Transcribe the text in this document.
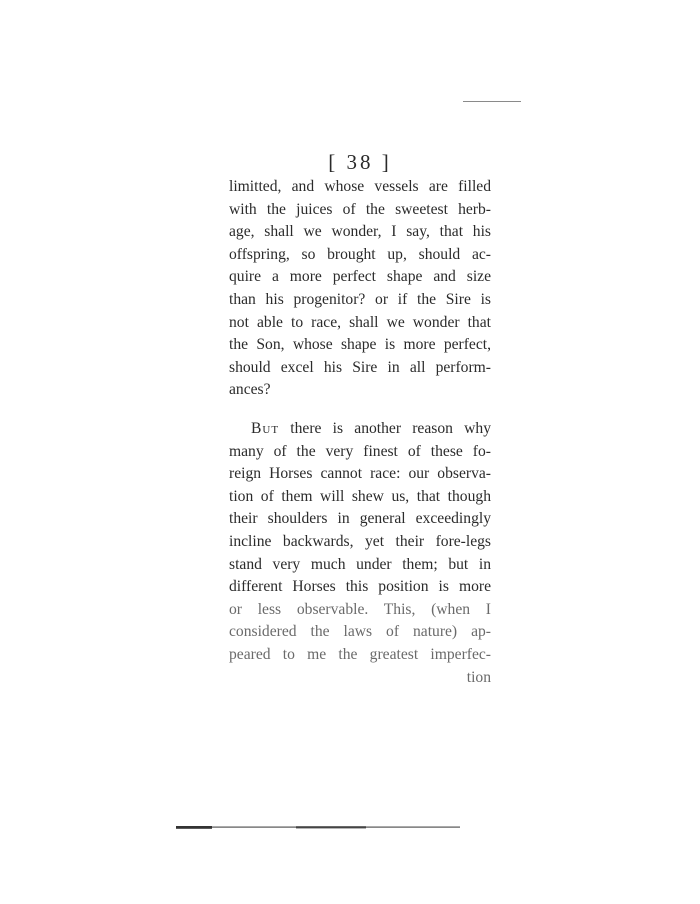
[ 38 ]
limitted, and whose vessels are filled
with the juices of the sweetest herb-
age, shall we wonder, I say, that his
offspring, so brought up, should ac-
quire a more perfect shape and size
than his progenitor? or if the Sire is
not able to race, shall we wonder that
the Son, whose shape is more perfect,
should excel his Sire in all perform-
ances?
But there is another reason why
many of the very finest of these fo-
reign Horses cannot race: our observa-
tion of them will shew us, that though
their shoulders in general exceedingly
incline backwards, yet their fore-legs
stand very much under them; but in
different Horses this position is more
or less observable. This, (when I
considered the laws of nature) ap-
peared to me the greatest imperfec-
tion
